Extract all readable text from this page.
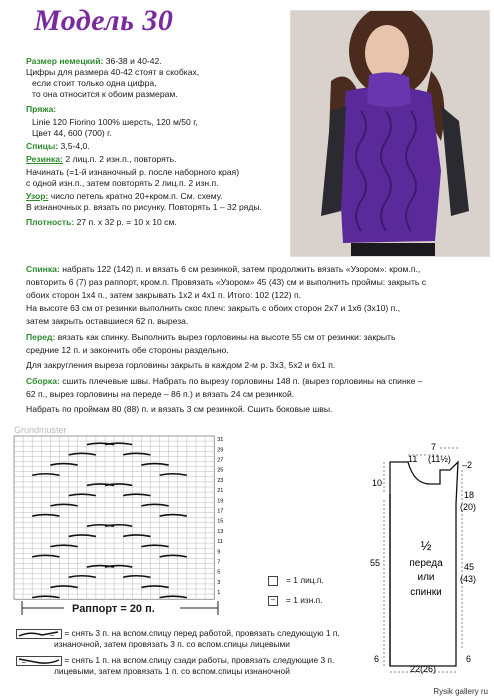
Модель 30
Размер немецкий: 36-38 и 40-42.
Цифры для размера 40-42 стоят в скобках,
если стоит только одна цифра,
то она относится к обоим размерам.
Пряжа:
Linie 120 Fiorino 100% шерсть, 120 м/50 г,
Цвет 44, 600 (700) г.
Спицы: 3,5-4,0.
Резинка: 2 лиц.п. 2 изн.п., повторять.
Начинать (=1-й изнаночный р. после наборного края)
с одной изн.п., затем повторять 2 лиц.п. 2 изн.п.
Узор: число петель кратно 20+кром.п. См. схему.
В изнаночных р. вязать по рисунку. Повторять 1 – 32 ряды.
Плотность: 27 п. х 32 р. = 10 х 10 см.
Спинка: набрать 122 (142) п. и вязать 6 см резинкой, затем продолжить вязать «Узором»: кром.п.,
повторить 6 (7) раз раппорт, кром.п. Провязать «Узором» 45 (43) см и выполнить проймы: закрыть с
обоих сторон 1х4 п., затем закрывать 1х2 и 4х1 п. Итого: 102 (122) п.
На высоте 63 см от резинки выполнить скос плеч: закрыть с обоих сторон 2х7 и 1х6 (3х10) п.,
затем закрыть оставшиеся 62 п. выреза.
Перед: вязать как спинку. Выполнить вырез горловины на высоте 55 см от резинки: закрыть
средние 12 п. и закончить обе стороны раздельно.
Для закругления выреза горловины закрыть в каждом 2-м р. 3х3, 5х2 и 6х1 п.
Сборка: сшить плечевые швы. Набрать по вырезу горловины 148 п. (вырез горловины на спинке –
62 п., вырез горловины на переде – 86 п.) и вязать 24 см резинкой.
Набрать по проймам 80 (88) п. и вязать 3 см резинкой. Сшить боковые швы.
Grundmuster
31
29
27
25
23
21
19
17
15
13
11
9
7
5
3
1
Раппорт = 20 п.
= 1 лиц.п.
– = 1 изн.п.
– = снять 3 п. на вспом.спицу перед работой, провязать следующую 1 п.
изнаночной, затем провязать 3 п. со вспом.спицы лицевыми
–	= снять 1 п. на вспом.спицу сзади работы, провязать следующие 3 п.
лицевыми, затем провязать 1 п. со вспом.спицы изнаночной
7
11 (11½)
–2
10
18
(20)
½
переда
или
спинки
55	45
(43)
6	6
22(26)
Rysik gallery ru
